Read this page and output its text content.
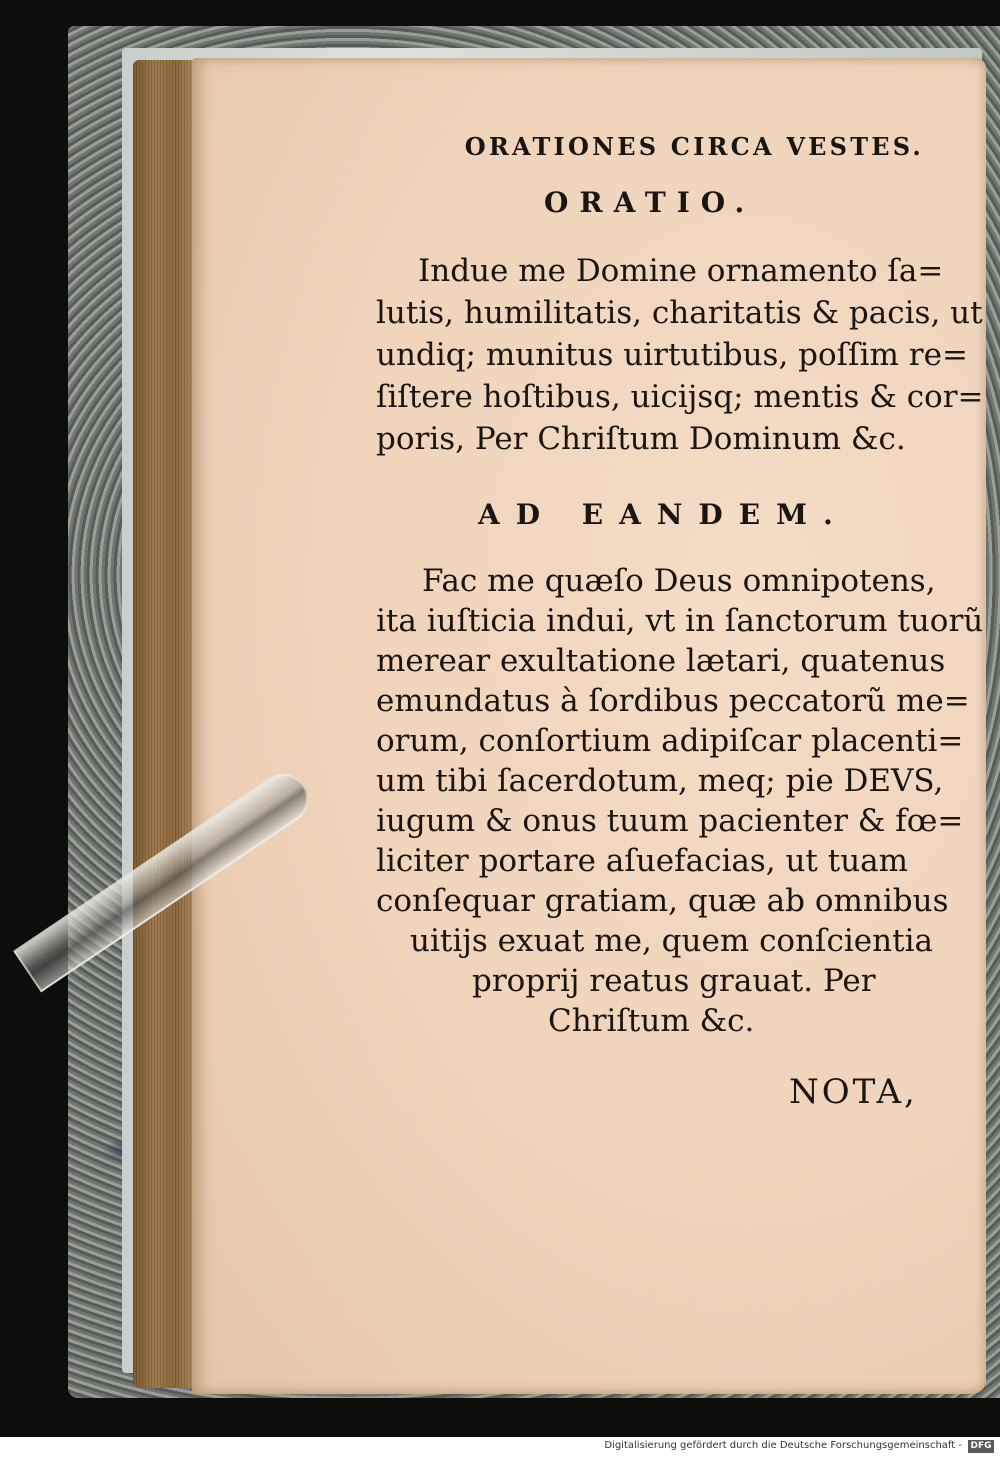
ORATIONES CIRCA VESTES.
ORATIO.
Indue me Domine ornamento ſa=
lutis, humilitatis, charitatis & pacis, ut
undiq; munitus uirtutibus, poſſim re=
ſiſtere hoſtibus, uicijsq; mentis & cor=
poris, Per Chriſtum Dominum &c.
AD EANDEM.
Fac me quæſo Deus omnipotens,
ita iuſticia indui, vt in ſanctorum tuorũ
merear exultatione lætari, quatenus
emundatus à ſordibus peccatorũ me=
orum, conſortium adipiſcar placenti=
um tibi ſacerdotum, meq; pie DEVS,
iugum & onus tuum pacienter & fœ=
liciter portare aſuefacias, ut tuam
conſequar gratiam, quæ ab omnibus
uitijs exuat me, quem conſcientia
proprij reatus grauat. Per
Chriſtum &c.
NOTA,
Digitalisierung gefördert durch die Deutsche Forschungsgemeinschaft - DFG
